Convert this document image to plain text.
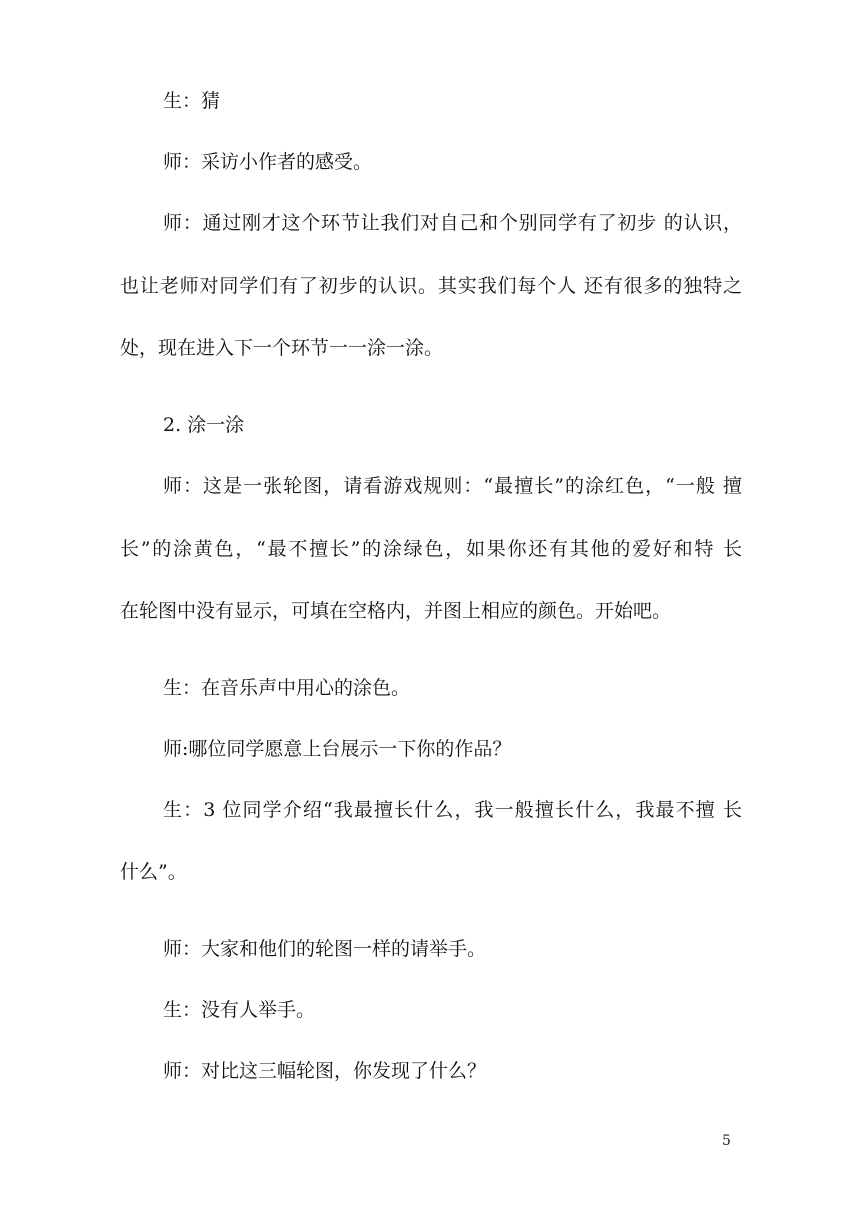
生：猜
师：采访小作者的感受。
师：通过刚才这个环节让我们对自己和个别同学有了初步 的认识，
也让老师对同学们有了初步的认识。其实我们每个人 还有很多的独特之
处，现在进入下一个环节一一涂一涂。
2. 涂一涂
师：这是一张轮图，请看游戏规则：“最擅长”的涂红色，“一般 擅
长”的涂黄色，“最不擅长”的涂绿色，如果你还有其他的爱好和特 长
在轮图中没有显示，可填在空格内，并图上相应的颜色。开始吧。
生：在音乐声中用心的涂色。
师:哪位同学愿意上台展示一下你的作品？
生：3 位同学介绍“我最擅长什么，我一般擅长什么，我最不擅 长
什么”。
师：大家和他们的轮图一样的请举手。
生：没有人举手。
师：对比这三幅轮图，你发现了什么？
5
